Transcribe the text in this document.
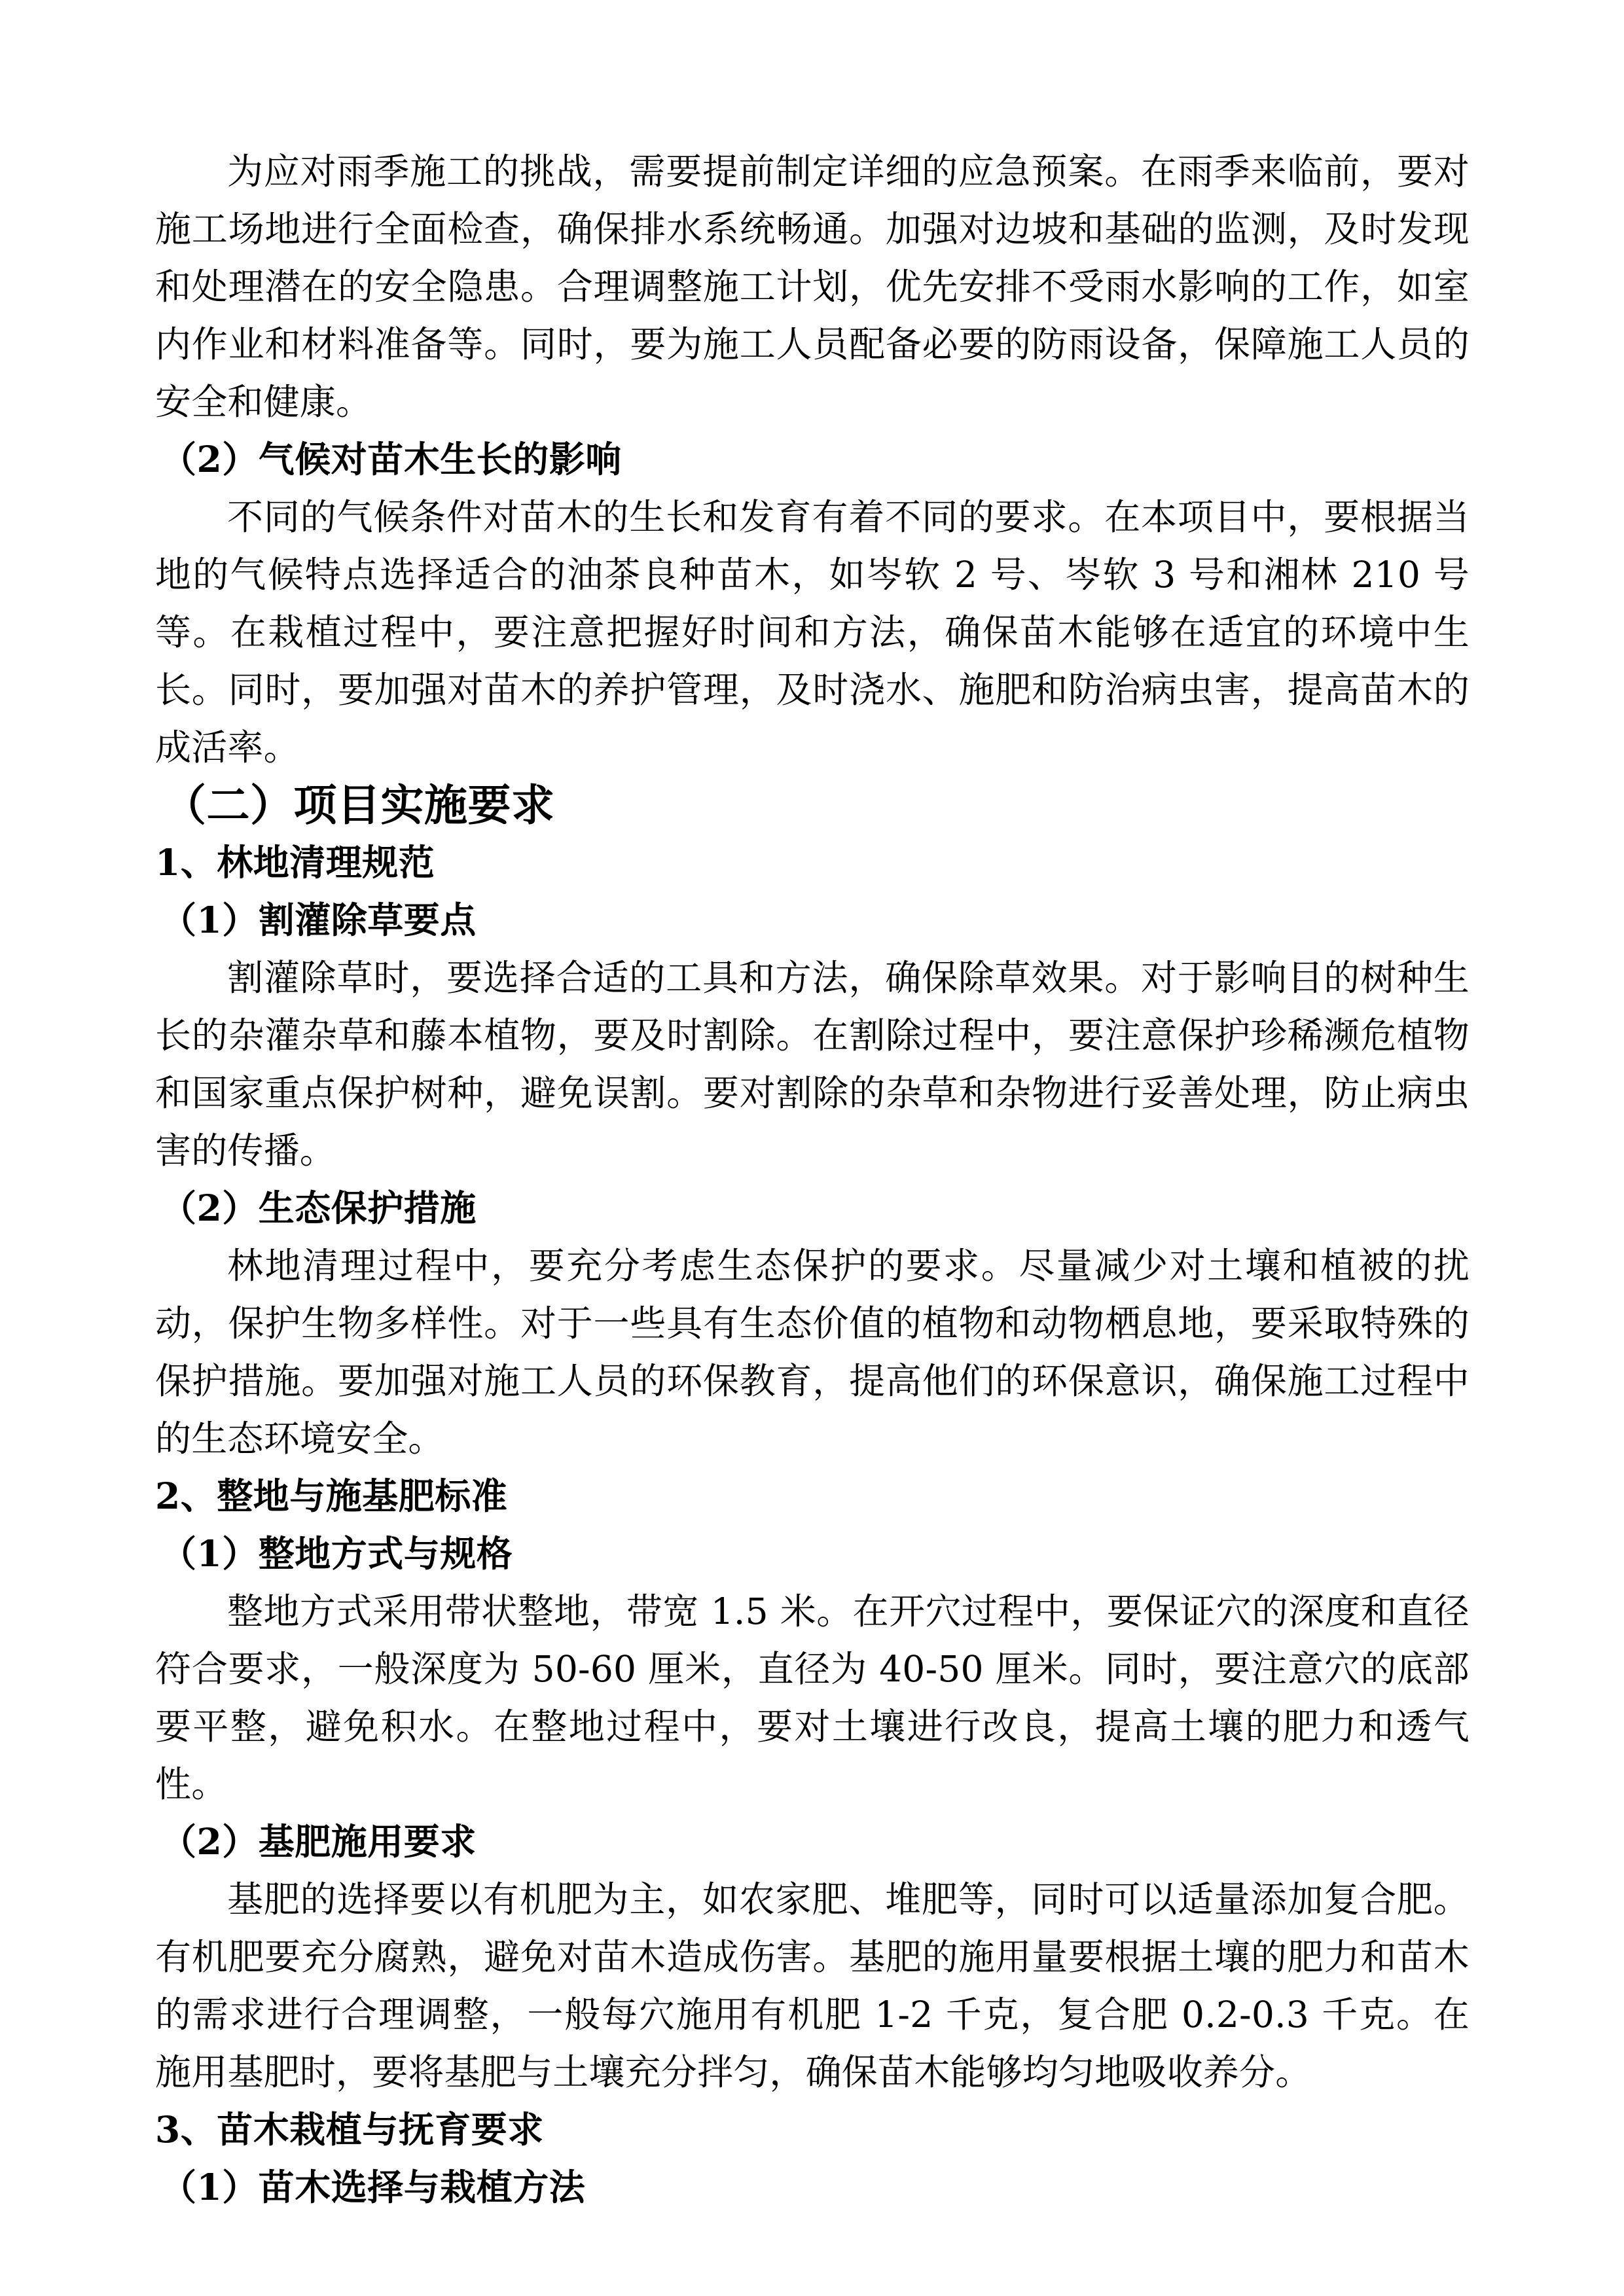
为应对雨季施工的挑战，需要提前制定详细的应急预案。在雨季来临前，要对施工场地进行全面检查，确保排水系统畅通。加强对边坡和基础的监测，及时发现和处理潜在的安全隐患。合理调整施工计划，优先安排不受雨水影响的工作，如室内作业和材料准备等。同时，要为施工人员配备必要的防雨设备，保障施工人员的安全和健康。

（2）气候对苗木生长的影响

不同的气候条件对苗木的生长和发育有着不同的要求。在本项目中，要根据当地的气候特点选择适合的油茶良种苗木，如岑软 2 号、岑软 3 号和湘林 210 号等。在栽植过程中，要注意把握好时间和方法，确保苗木能够在适宜的环境中生长。同时，要加强对苗木的养护管理，及时浇水、施肥和防治病虫害，提高苗木的成活率。

（二）项目实施要求
1、林地清理规范
（1）割灌除草要点

割灌除草时，要选择合适的工具和方法，确保除草效果。对于影响目的树种生长的杂灌杂草和藤本植物，要及时割除。在割除过程中，要注意保护珍稀濒危植物和国家重点保护树种，避免误割。要对割除的杂草和杂物进行妥善处理，防止病虫害的传播。

（2）生态保护措施

林地清理过程中，要充分考虑生态保护的要求。尽量减少对土壤和植被的扰动，保护生物多样性。对于一些具有生态价值的植物和动物栖息地，要采取特殊的保护措施。要加强对施工人员的环保教育，提高他们的环保意识，确保施工过程中的生态环境安全。

2、整地与施基肥标准
（1）整地方式与规格

整地方式采用带状整地，带宽 1.5 米。在开穴过程中，要保证穴的深度和直径符合要求，一般深度为 50-60 厘米，直径为 40-50 厘米。同时，要注意穴的底部要平整，避免积水。在整地过程中，要对土壤进行改良，提高土壤的肥力和透气性。

（2）基肥施用要求

基肥的选择要以有机肥为主，如农家肥、堆肥等，同时可以适量添加复合肥。有机肥要充分腐熟，避免对苗木造成伤害。基肥的施用量要根据土壤的肥力和苗木的需求进行合理调整，一般每穴施用有机肥 1-2 千克，复合肥 0.2-0.3 千克。在施用基肥时，要将基肥与土壤充分拌匀，确保苗木能够均匀地吸收养分。

3、苗木栽植与抚育要求
（1）苗木选择与栽植方法
